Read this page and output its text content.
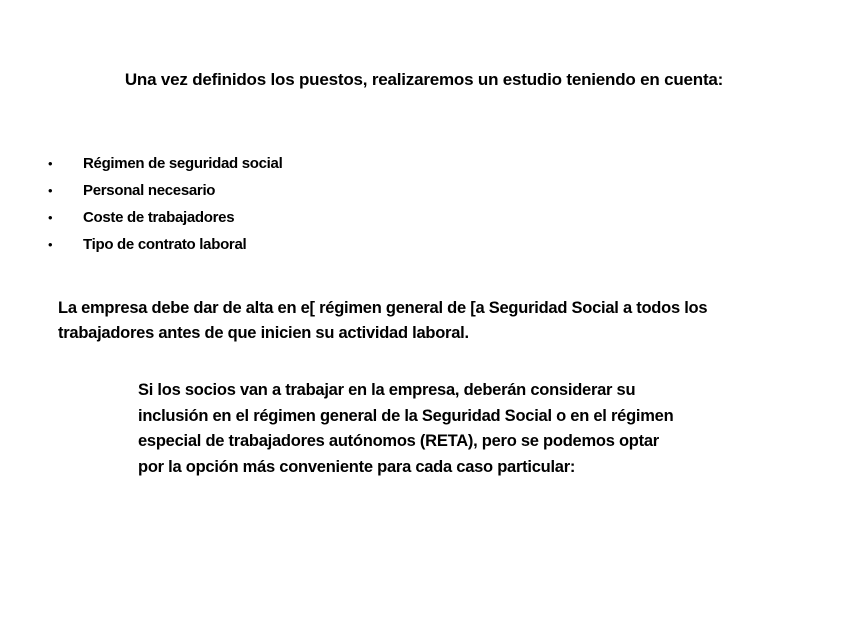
Una vez definidos los puestos, realizaremos un estudio teniendo en cuenta:
•	Régimen de seguridad social
•	Personal necesario
•	Coste de trabajadores
•	Tipo de contrato laboral

La empresa debe dar de alta en e[ régimen general de [a Seguridad Social a todos los
trabajadores antes de que inicien su actividad laboral.

Si los socios van a trabajar en la empresa, deberán considerar su
inclusión en el régimen general de la Seguridad Social o en el régimen
especial de trabajadores autónomos (RETA), pero se podemos optar
por la opción más conveniente para cada caso particular:
